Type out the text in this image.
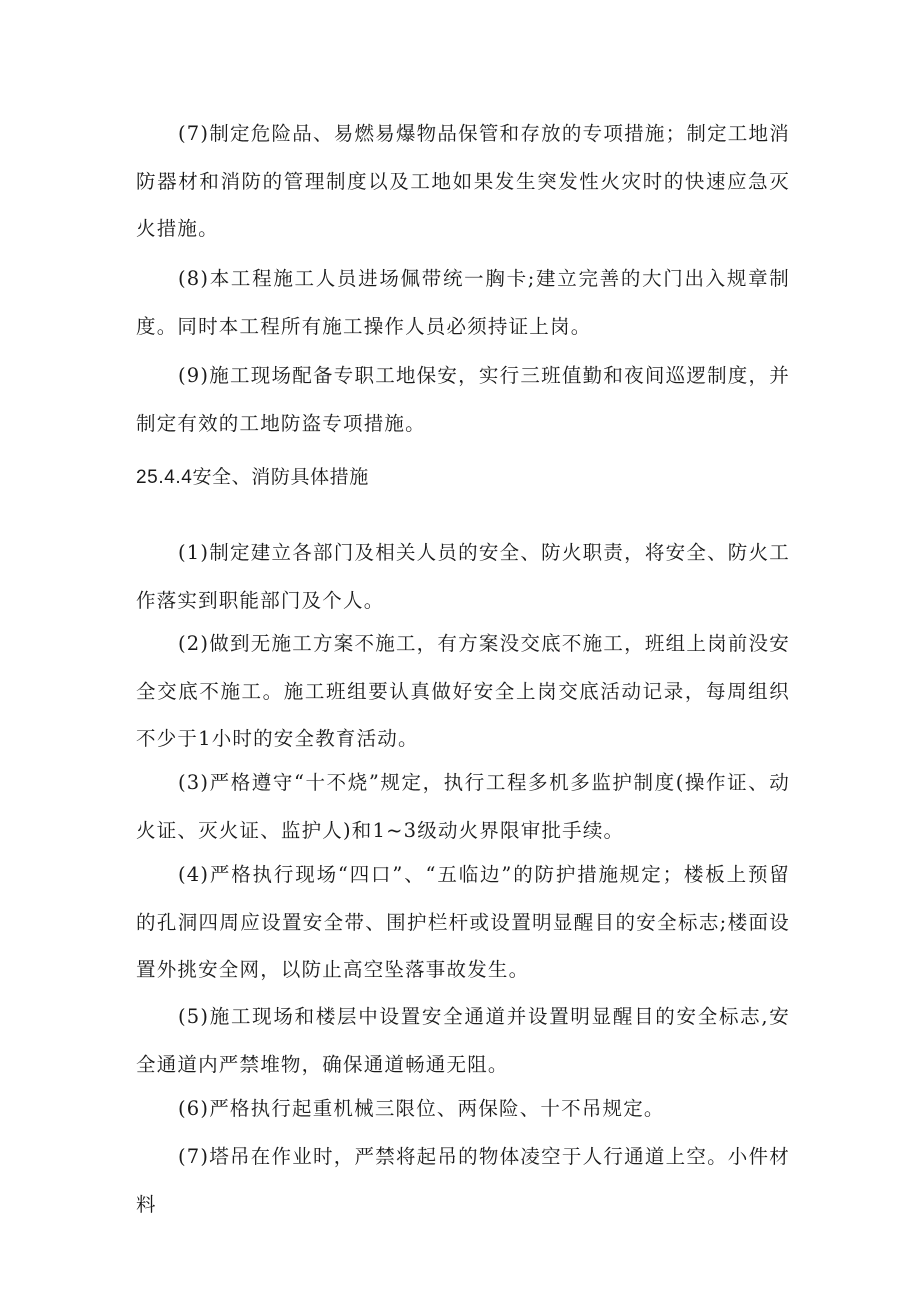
(7)制定危险品、易燃易爆物品保管和存放的专项措施；制定工地消防器材和消防的管理制度以及工地如果发生突发性火灾时的快速应急灭火措施。

(8)本工程施工人员进场佩带统一胸卡;建立完善的大门出入规章制度。同时本工程所有施工操作人员必须持证上岗。

(9)施工现场配备专职工地保安，实行三班值勤和夜间巡逻制度，并制定有效的工地防盗专项措施。

25.4.4安全、消防具体措施

(1)制定建立各部门及相关人员的安全、防火职责，将安全、防火工作落实到职能部门及个人。

(2)做到无施工方案不施工，有方案没交底不施工，班组上岗前没安全交底不施工。施工班组要认真做好安全上岗交底活动记录，每周组织不少于1小时的安全教育活动。

(3)严格遵守“十不烧”规定，执行工程多机多监护制度(操作证、动火证、灭火证、监护人)和1~3级动火界限审批手续。

(4)严格执行现场“四口”、“五临边”的防护措施规定；楼板上预留的孔洞四周应设置安全带、围护栏杆或设置明显醒目的安全标志;楼面设置外挑安全网，以防止高空坠落事故发生。

(5)施工现场和楼层中设置安全通道并设置明显醒目的安全标志,安全通道内严禁堆物，确保通道畅通无阻。

(6)严格执行起重机械三限位、两保险、十不吊规定。

(7)塔吊在作业时，严禁将起吊的物体凌空于人行通道上空。小件材料
